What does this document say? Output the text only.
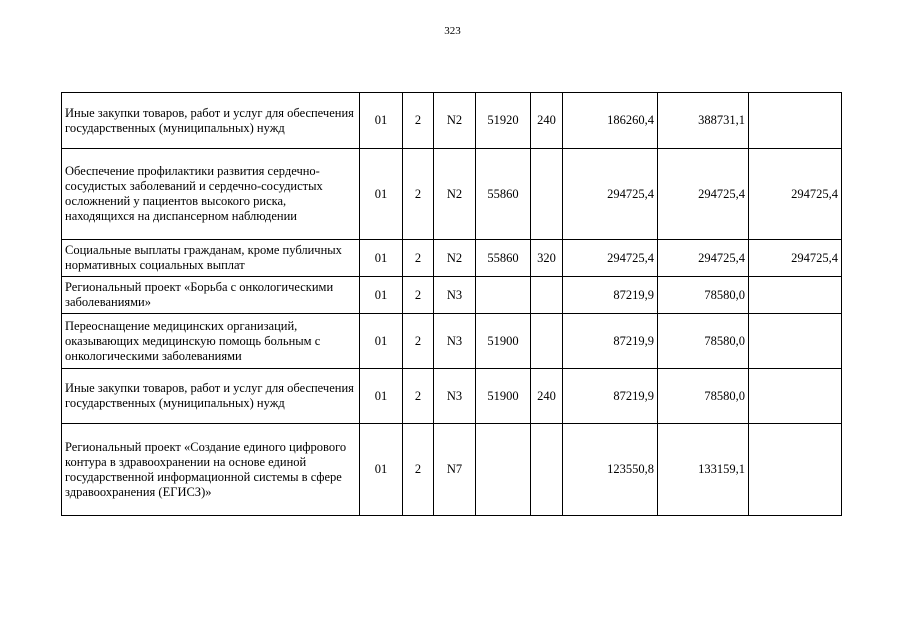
323
Иные закупки товаров, работ и услуг для обеспечения государственных (муниципальных) нужд	01	2	N2	51920	240	186260,4	388731,1	
Обеспечение профилактики развития сердечно-сосудистых заболеваний и сердечно-сосудистых осложнений у пациентов высокого риска, находящихся на диспансерном наблюдении	01	2	N2	55860		294725,4	294725,4	294725,4
Социальные выплаты гражданам, кроме публичных нормативных социальных выплат	01	2	N2	55860	320	294725,4	294725,4	294725,4
Региональный проект «Борьба с онкологическими заболеваниями»	01	2	N3			87219,9	78580,0	
Переоснащение медицинских организаций, оказывающих медицинскую помощь больным с онкологическими заболеваниями	01	2	N3	51900		87219,9	78580,0	
Иные закупки товаров, работ и услуг для обеспечения государственных (муниципальных) нужд	01	2	N3	51900	240	87219,9	78580,0	
Региональный проект «Создание единого цифрового контура в здравоохранении на основе единой государственной информационной системы в сфере здравоохранения (ЕГИСЗ)»	01	2	N7			123550,8	133159,1	
